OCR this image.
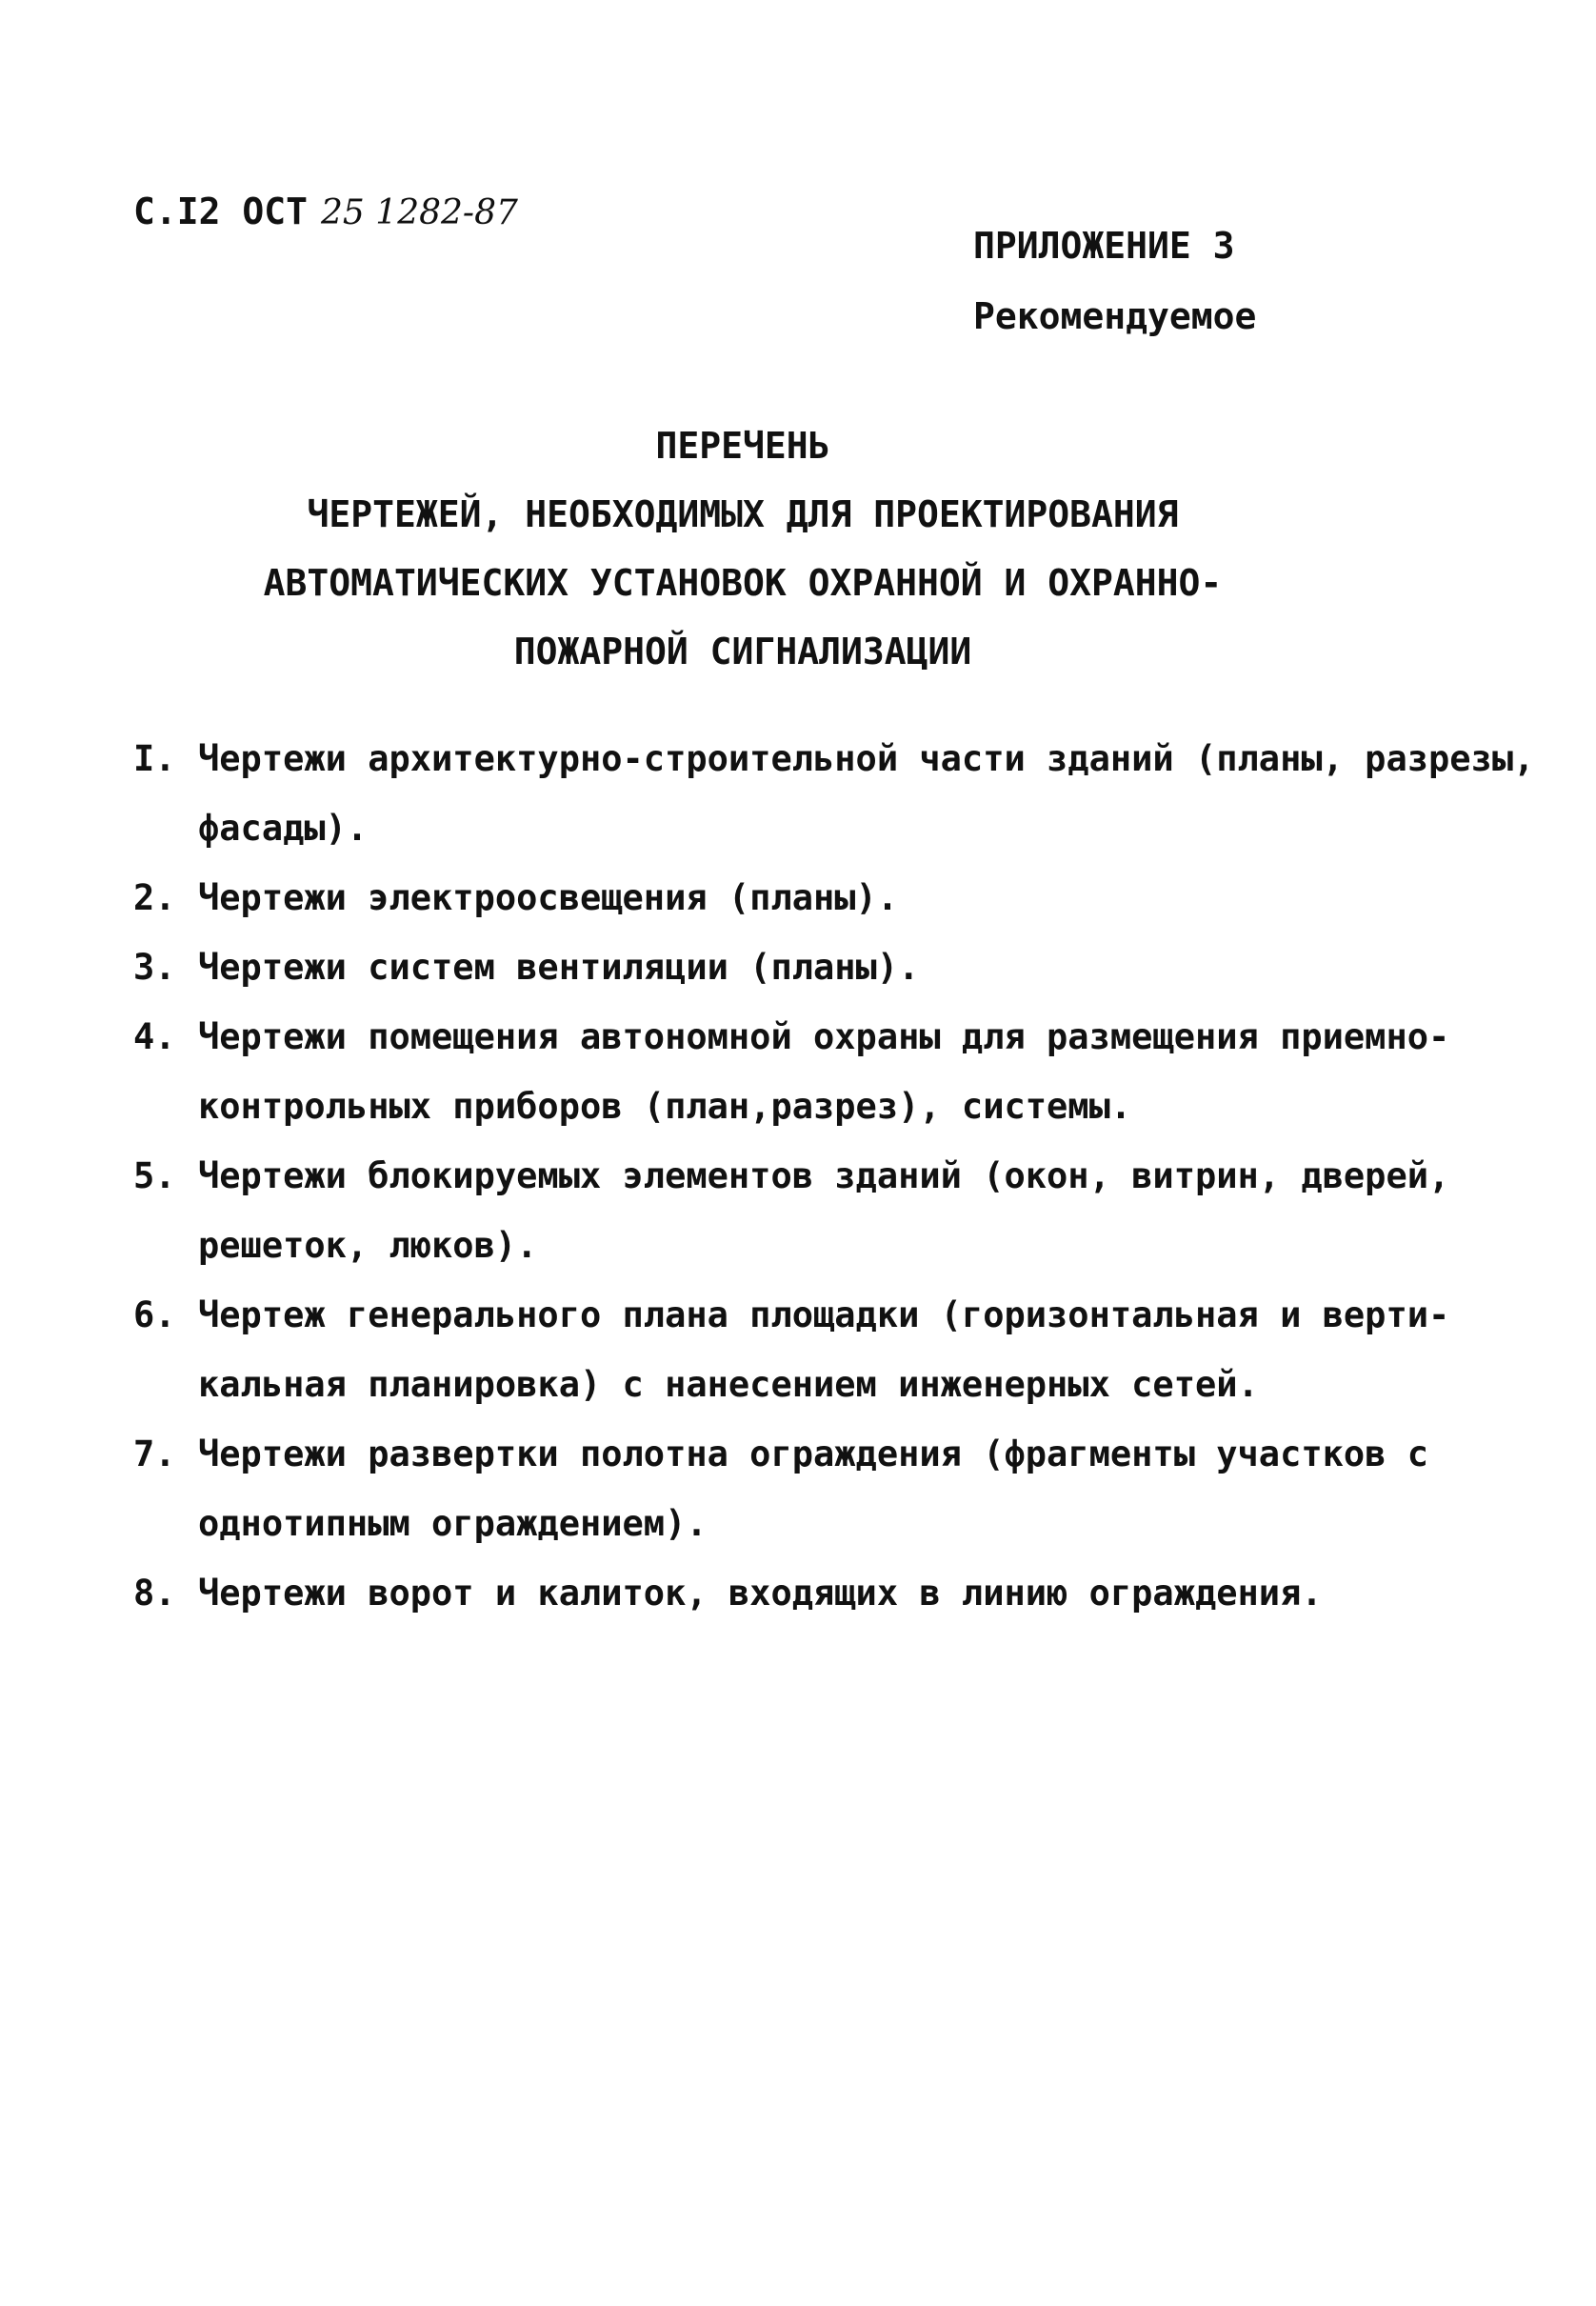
С.I2 ОСТ 25 1282-87
ПРИЛОЖЕНИЕ 3
Рекомендуемое
ПЕРЕЧЕНЬ
ЧЕРТЕЖЕЙ, НЕОБХОДИМЫХ ДЛЯ ПРОЕКТИРОВАНИЯ
АВТОМАТИЧЕСКИХ УСТАНОВОК ОХРАННОЙ И ОХРАННО-
ПОЖАРНОЙ СИГНАЛИЗАЦИИ
I. Чертежи архитектурно-строительной части зданий (планы, разрезы,
фасады).
2. Чертежи электроосвещения (планы).
3. Чертежи систем вентиляции (планы).
4. Чертежи помещения автономной охраны для размещения приемно-
контрольных приборов (план,разрез), системы.
5. Чертежи блокируемых элементов зданий (окон, витрин, дверей,
решеток, люков).
6. Чертеж генерального плана площадки (горизонтальная и верти-
кальная планировка) с нанесением инженерных сетей.
7. Чертежи развертки полотна ограждения (фрагменты участков с
однотипным ограждением).
8. Чертежи ворот и калиток, входящих в линию ограждения.
